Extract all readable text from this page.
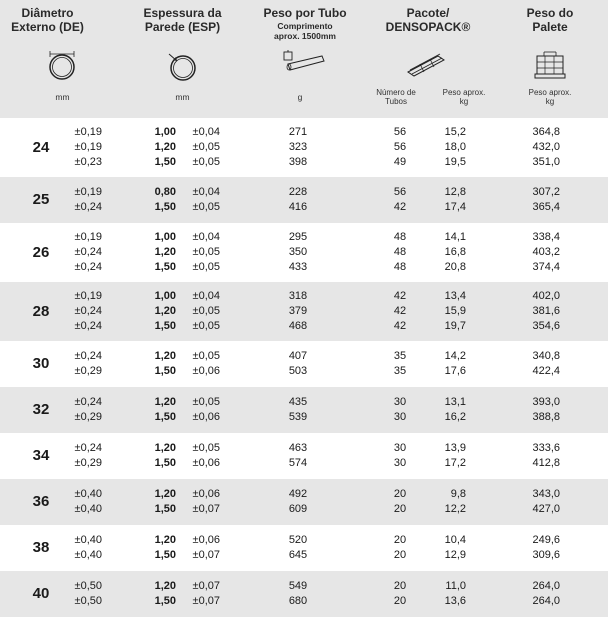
Diâmetro Externo (DE)
mm
Espessura da Parede (ESP)
mm
Peso por Tubo
Comprimento aprox. 1500mm
g
Pacote/ DENSOPACK®
Número de Tubos
Peso aprox. kg
Peso do Palete
Peso aprox. kg
24
±0,19	1,00	±0,04	271	56	15,2	364,8
±0,19	1,20	±0,05	323	56	18,0	432,0
±0,23	1,50	±0,05	398	49	19,5	351,0
25	±0,19	0,80	±0,04	228	56	12,8	307,2
±0,24	1,50	±0,05	416	42	17,4	365,4
26
±0,19	1,00	±0,04	295	48	14,1	338,4
±0,24	1,20	±0,05	350	48	16,8	403,2
±0,24	1,50	±0,05	433	48	20,8	374,4
28
±0,19	1,00	±0,04	318	42	13,4	402,0
±0,24	1,20	±0,05	379	42	15,9	381,6
±0,24	1,50	±0,05	468	42	19,7	354,6
30	±0,24	1,20	±0,05	407	35	14,2	340,8
±0,29	1,50	±0,06	503	35	17,6	422,4
32	±0,24	1,20	±0,05	435	30	13,1	393,0
±0,29	1,50	±0,06	539	30	16,2	388,8
34	±0,24	1,20	±0,05	463	30	13,9	333,6
±0,29	1,50	±0,06	574	30	17,2	412,8
36	±0,40	1,20	±0,06	492	20	9,8	343,0
±0,40	1,50	±0,07	609	20	12,2	427,0
38	±0,40	1,20	±0,06	520	20	10,4	249,6
±0,40	1,50	±0,07	645	20	12,9	309,6
40	±0,50	1,20	±0,07	549	20	11,0	264,0
±0,50	1,50	±0,07	680	20	13,6	264,0
